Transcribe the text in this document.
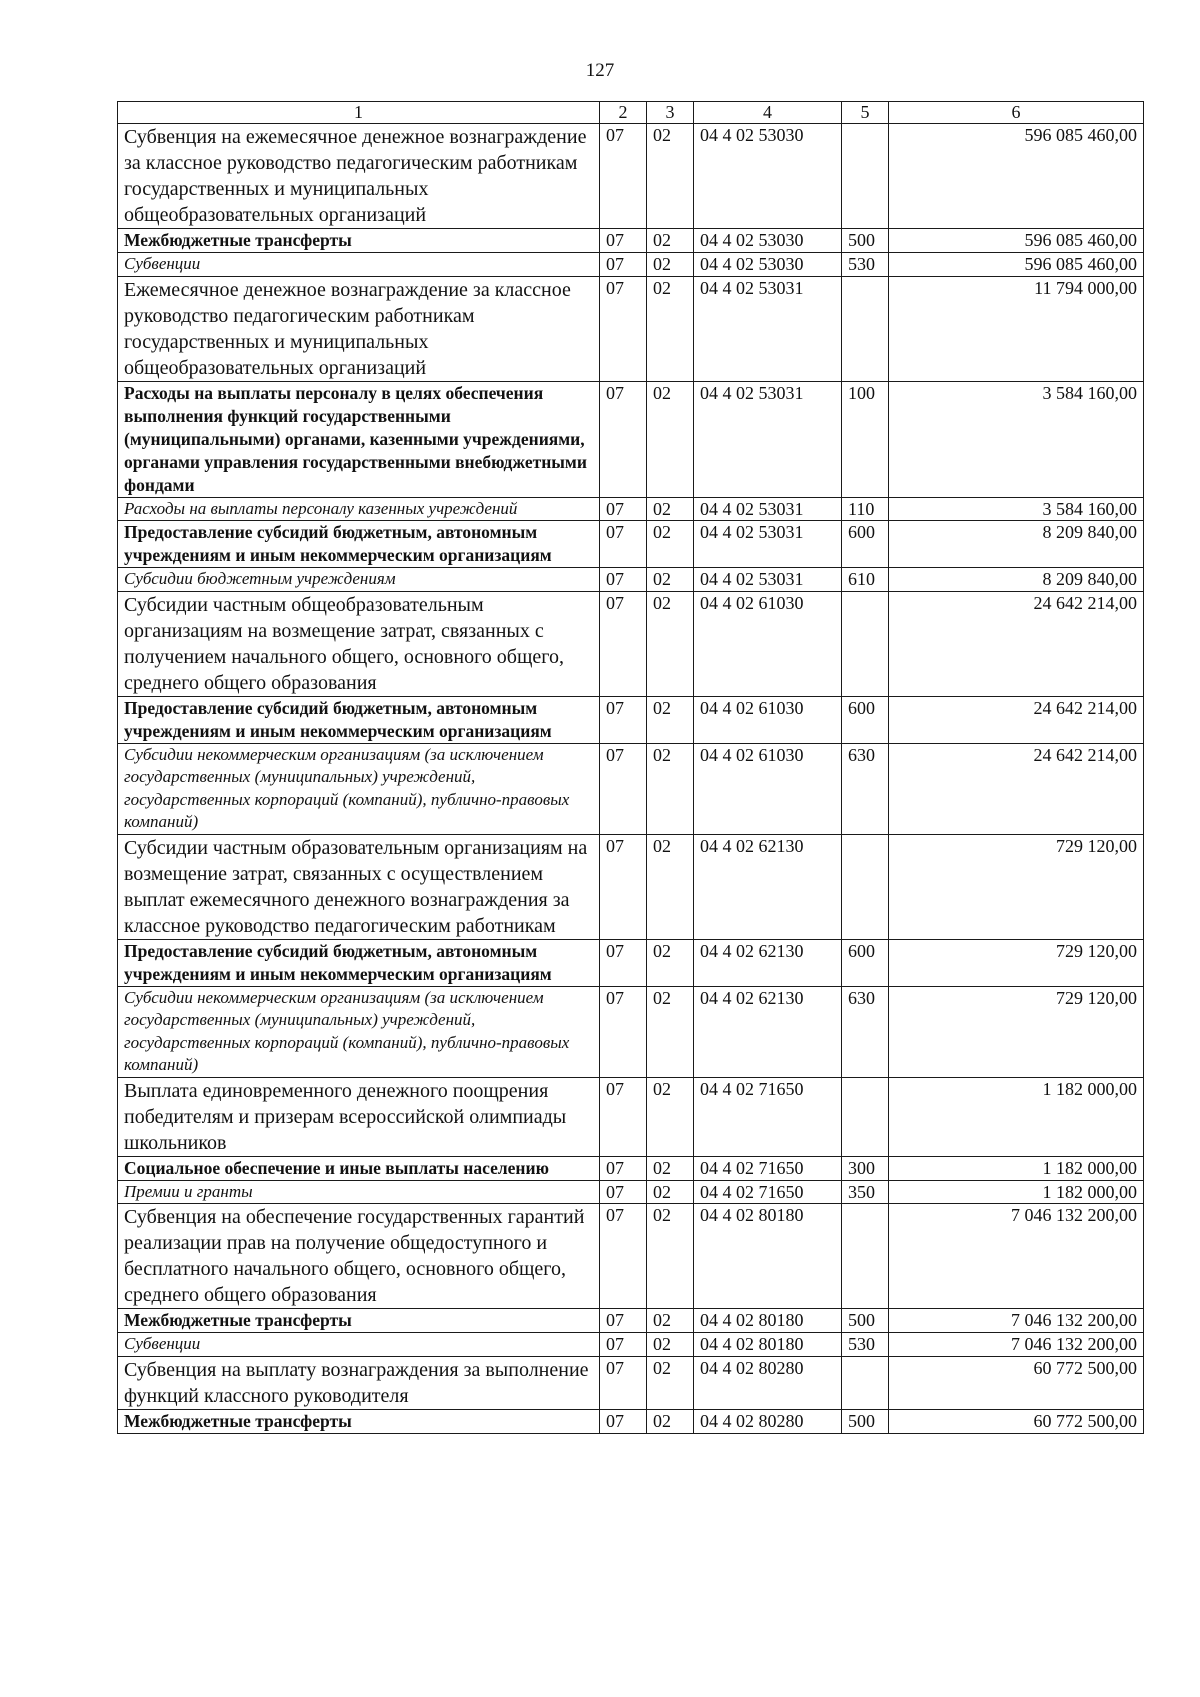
127
1	2	3	4	5	6
Субвенция на ежемесячное денежное вознаграждение за классное руководство педагогическим работникам государственных и муниципальных общеобразовательных организаций	07	02	04 4 02 53030		596 085 460,00
Межбюджетные трансферты	07	02	04 4 02 53030	500	596 085 460,00
Субвенции	07	02	04 4 02 53030	530	596 085 460,00
Ежемесячное денежное вознаграждение за классное руководство педагогическим работникам государственных и муниципальных общеобразовательных организаций	07	02	04 4 02 53031		11 794 000,00
Расходы на выплаты персоналу в целях обеспечения выполнения функций государственными (муниципальными) органами, казенными учреждениями, органами управления государственными внебюджетными фондами	07	02	04 4 02 53031	100	3 584 160,00
Расходы на выплаты персоналу казенных учреждений	07	02	04 4 02 53031	110	3 584 160,00
Предоставление субсидий бюджетным, автономным учреждениям и иным некоммерческим организациям	07	02	04 4 02 53031	600	8 209 840,00
Субсидии бюджетным учреждениям	07	02	04 4 02 53031	610	8 209 840,00
Субсидии частным общеобразовательным организациям на возмещение затрат, связанных с получением начального общего, основного общего, среднего общего образования	07	02	04 4 02 61030		24 642 214,00
Предоставление субсидий бюджетным, автономным учреждениям и иным некоммерческим организациям	07	02	04 4 02 61030	600	24 642 214,00
Субсидии некоммерческим организациям (за исключением государственных (муниципальных) учреждений, государственных корпораций (компаний), публично-правовых компаний)	07	02	04 4 02 61030	630	24 642 214,00
Субсидии частным образовательным организациям на возмещение затрат, связанных с осуществлением выплат ежемесячного денежного вознаграждения за классное руководство педагогическим работникам	07	02	04 4 02 62130		729 120,00
Предоставление субсидий бюджетным, автономным учреждениям и иным некоммерческим организациям	07	02	04 4 02 62130	600	729 120,00
Субсидии некоммерческим организациям (за исключением государственных (муниципальных) учреждений, государственных корпораций (компаний), публично-правовых компаний)	07	02	04 4 02 62130	630	729 120,00
Выплата единовременного денежного поощрения победителям и призерам всероссийской олимпиады школьников	07	02	04 4 02 71650		1 182 000,00
Социальное обеспечение и иные выплаты населению	07	02	04 4 02 71650	300	1 182 000,00
Премии и гранты	07	02	04 4 02 71650	350	1 182 000,00
Субвенция на обеспечение государственных гарантий реализации прав на получение общедоступного и бесплатного начального общего, основного общего, среднего общего образования	07	02	04 4 02 80180		7 046 132 200,00
Межбюджетные трансферты	07	02	04 4 02 80180	500	7 046 132 200,00
Субвенции	07	02	04 4 02 80180	530	7 046 132 200,00
Субвенция на выплату вознаграждения за выполнение функций классного руководителя	07	02	04 4 02 80280		60 772 500,00
Межбюджетные трансферты	07	02	04 4 02 80280	500	60 772 500,00
